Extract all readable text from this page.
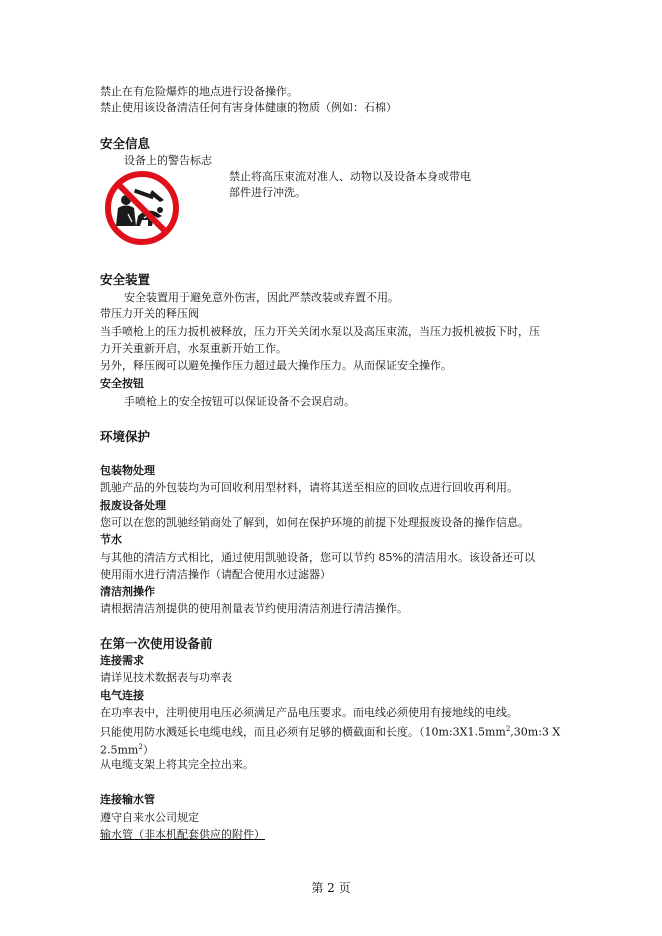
禁止在有危险爆炸的地点进行设备操作。
禁止使用该设备清洁任何有害身体健康的物质（例如：石棉）
安全信息
设备上的警告标志
禁止将高压束流对准人、动物以及设备本身或带电
部件进行冲洗。
安全装置
安全装置用于避免意外伤害，因此严禁改装或弃置不用。
带压力开关的释压阀
当手喷枪上的压力扳机被释放，压力开关关闭水泵以及高压束流，当压力扳机被扳下时，压
力开关重新开启，水泵重新开始工作。
另外，释压阀可以避免操作压力超过最大操作压力。从而保证安全操作。
安全按钮
手喷枪上的安全按钮可以保证设备不会误启动。
环境保护
包装物处理
凯驰产品的外包装均为可回收利用型材料，请将其送至相应的回收点进行回收再利用。
报废设备处理
您可以在您的凯驰经销商处了解到，如何在保护环境的前提下处理报废设备的操作信息。
节水
与其他的清洁方式相比，通过使用凯驰设备，您可以节约 85%的清洁用水。该设备还可以
使用雨水进行清洁操作（请配合使用水过滤器）
清洁剂操作
请根据清洁剂提供的使用剂量表节约使用清洁剂进行清洁操作。
在第一次使用设备前
连接需求
请详见技术数据表与功率表
电气连接
在功率表中，注明使用电压必须满足产品电压要求。而电线必须使用有接地线的电线。
只能使用防水溅延长电缆电线，而且必须有足够的横截面和长度。（$10m:3X1.5mm^2,30m:3$ X
$2.5mm^2$）
从电缆支架上将其完全拉出来。
连接输水管
遵守自来水公司规定
输水管（非本机配套供应的附件）
第 2 页
